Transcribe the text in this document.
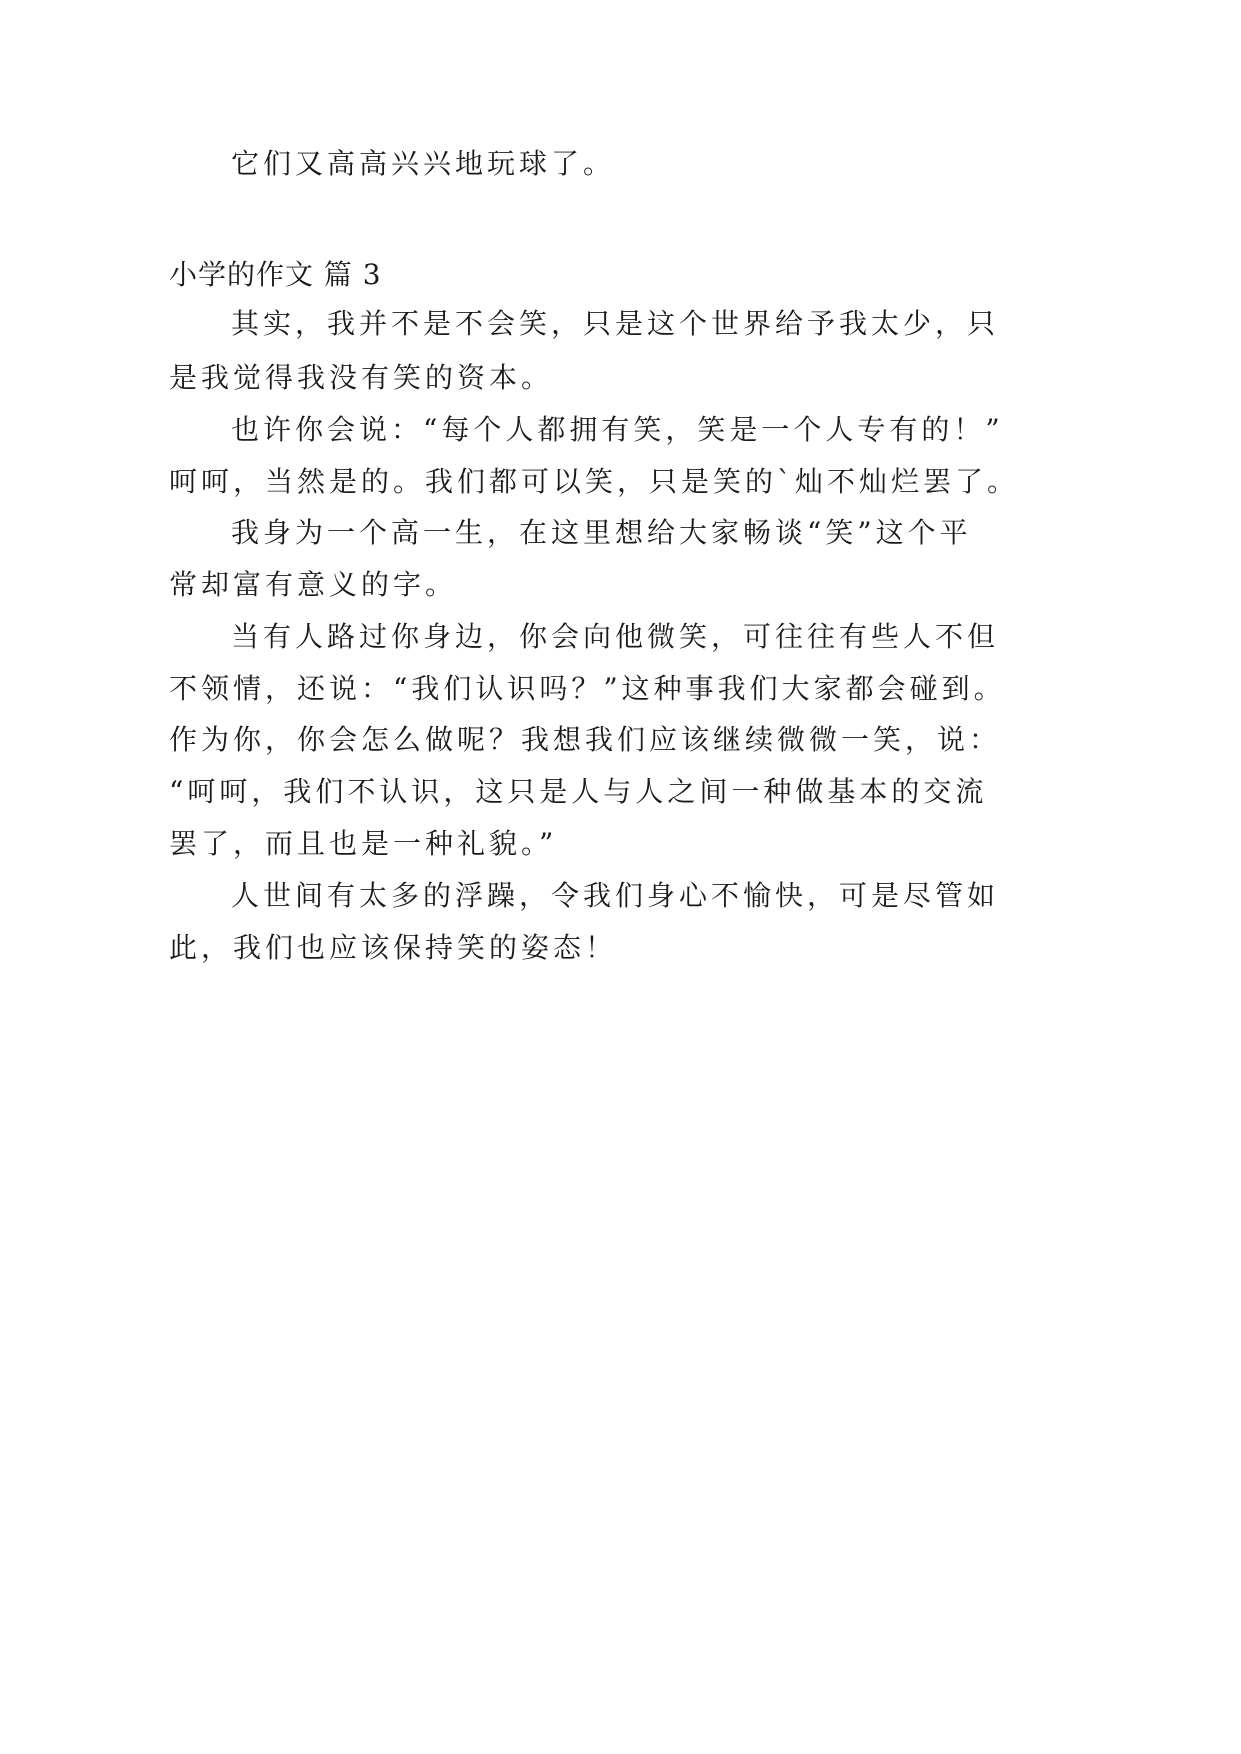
它们又高高兴兴地玩球了。

小学的作文 篇 3

其实，我并不是不会笑，只是这个世界给予我太少，只

是我觉得我没有笑的资本。

也许你会说：“每个人都拥有笑，笑是一个人专有的！”

呵呵，当然是的。我们都可以笑，只是笑的`灿不灿烂罢了。

我身为一个高一生，在这里想给大家畅谈“笑”这个平

常却富有意义的字。

当有人路过你身边，你会向他微笑，可往往有些人不但

不领情，还说：“我们认识吗？”这种事我们大家都会碰到。

作为你，你会怎么做呢？我想我们应该继续微微一笑，说：

“呵呵，我们不认识，这只是人与人之间一种做基本的交流

罢了，而且也是一种礼貌。”

人世间有太多的浮躁，令我们身心不愉快，可是尽管如

此，我们也应该保持笑的姿态！
